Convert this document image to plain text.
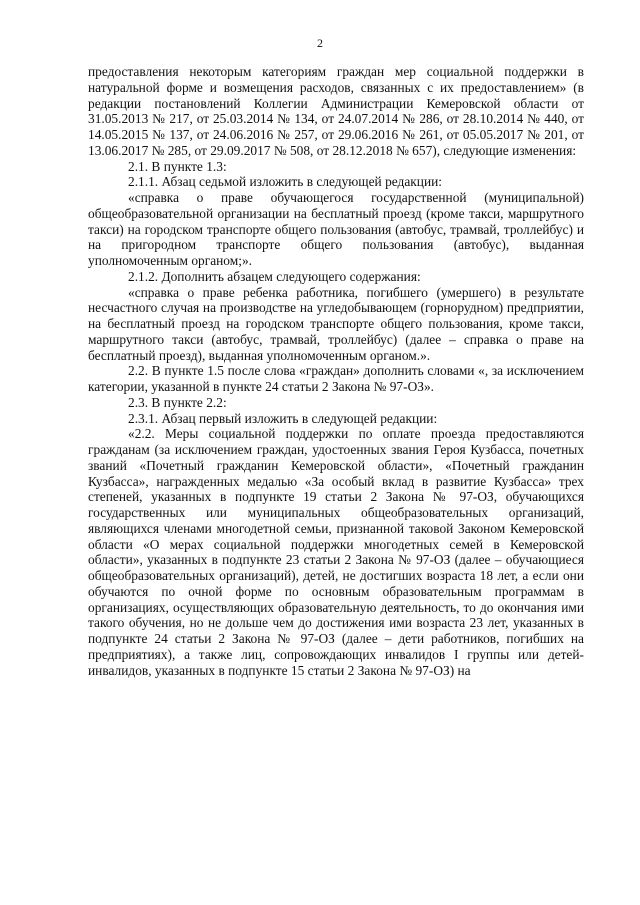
2

предоставления некоторым категориям граждан мер социальной поддержки в натуральной форме и возмещения расходов, связанных с их предоставлением» (в редакции постановлений Коллегии Администрации Кемеровской области от 31.05.2013 № 217, от 25.03.2014 № 134, от 24.07.2014 № 286, от 28.10.2014 № 440, от 14.05.2015 № 137, от 24.06.2016 № 257, от 29.06.2016 № 261, от 05.05.2017 № 201, от 13.06.2017 № 285, от 29.09.2017 № 508, от 28.12.2018 № 657), следующие изменения:

2.1. В пункте 1.3:

2.1.1. Абзац седьмой изложить в следующей редакции:

«справка о праве обучающегося государственной (муниципальной) общеобразовательной организации на бесплатный проезд (кроме такси, маршрутного такси) на городском транспорте общего пользования (автобус, трамвай, троллейбус) и на пригородном транспорте общего пользования (автобус), выданная уполномоченным органом;».

2.1.2. Дополнить абзацем следующего содержания:

«справка о праве ребенка работника, погибшего (умершего) в результате несчастного случая на производстве на угледобывающем (горнорудном) предприятии, на бесплатный проезд на городском транспорте общего пользования, кроме такси, маршрутного такси (автобус, трамвай, троллейбус) (далее – справка о праве на бесплатный проезд), выданная уполномоченным органом.».

2.2. В пункте 1.5 после слова «граждан» дополнить словами «, за исключением категории, указанной в пункте 24 статьи 2 Закона № 97-ОЗ».

2.3. В пункте 2.2:

2.3.1. Абзац первый изложить в следующей редакции:

«2.2. Меры социальной поддержки по оплате проезда предоставляются гражданам (за исключением граждан, удостоенных звания Героя Кузбасса, почетных званий «Почетный гражданин Кемеровской области», «Почетный гражданин Кузбасса», награжденных медалью «За особый вклад в развитие Кузбасса» трех степеней, указанных в подпункте 19 статьи 2 Закона № 97-ОЗ, обучающихся государственных или муниципальных общеобразовательных организаций, являющихся членами многодетной семьи, признанной таковой Законом Кемеровской области «О мерах социальной поддержки многодетных семей в Кемеровской области», указанных в подпункте 23 статьи 2 Закона № 97-ОЗ (далее – обучающиеся общеобразовательных организаций), детей, не достигших возраста 18 лет, а если они обучаются по очной форме по основным образовательным программам в организациях, осуществляющих образовательную деятельность, то до окончания ими такого обучения, но не дольше чем до достижения ими возраста 23 лет, указанных в подпункте 24 статьи 2 Закона № 97-ОЗ (далее – дети работников, погибших на предприятиях), а также лиц, сопровождающих инвалидов I группы или детей-инвалидов, указанных в подпункте 15 статьи 2 Закона № 97-ОЗ) на
